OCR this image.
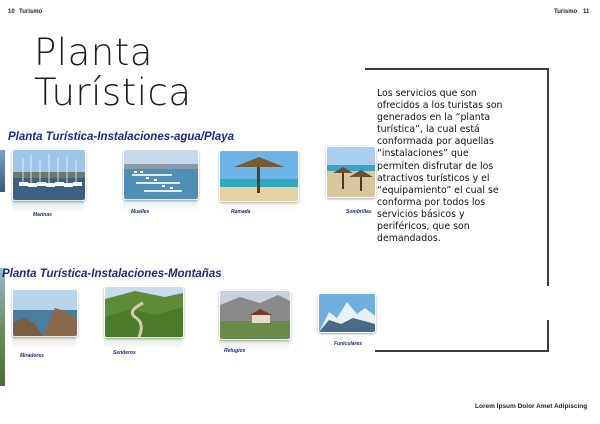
10 Turismo	Turismo 11
Planta
Turística
Planta Turística-Instalaciones-agua/Playa
Marinas	Muelles	Ramada	Sombrillas
Planta Turística-Instalaciones-Montañas
Miradores	Senderos	Refugios
Funiculares
Los servicios que son
ofrecidos a los turistas son
generados en la “planta
turística”, la cual está
conformada por aquellas
“instalaciones” que
permiten disfrutar de los
atractivos turísticos y el
“equipamiento” el cual se
conforma por todos los
servicios básicos y
periféricos, que son
demandados.
Lorem Ipsum Dolor Amet Adipiscing
